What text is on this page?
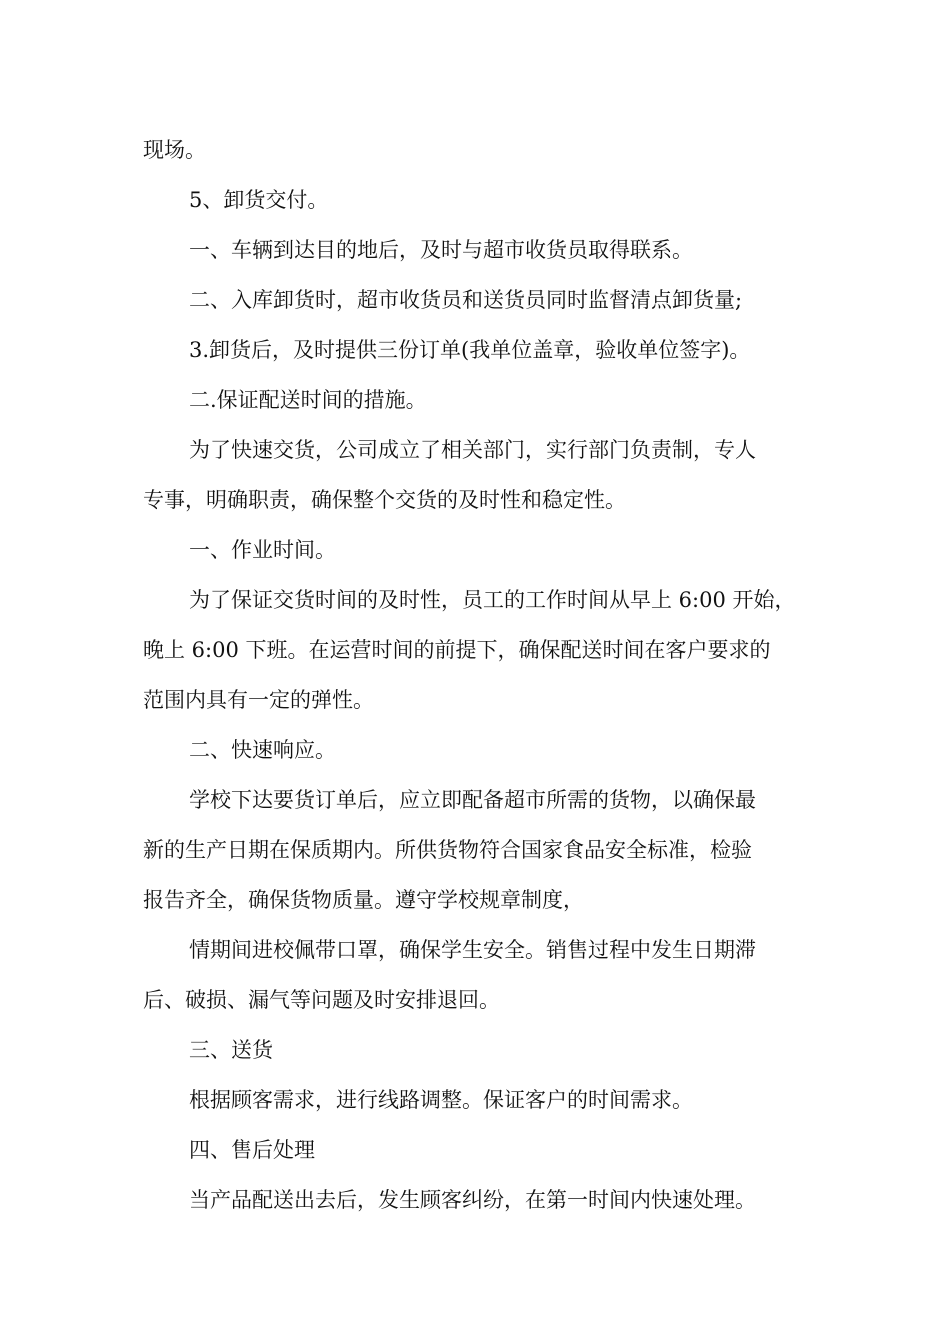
现场。

5、卸货交付。

一、车辆到达目的地后，及时与超市收货员取得联系。

二、入库卸货时，超市收货员和送货员同时监督清点卸货量;

3.卸货后，及时提供三份订单(我单位盖章，验收单位签字)。

二.保证配送时间的措施。

为了快速交货，公司成立了相关部门，实行部门负责制，专人

专事，明确职责，确保整个交货的及时性和稳定性。

一、作业时间。

为了保证交货时间的及时性，员工的工作时间从早上 6:00 开始，

晚上 6:00 下班。在运营时间的前提下，确保配送时间在客户要求的

范围内具有一定的弹性。

二、快速响应。

学校下达要货订单后，应立即配备超市所需的货物，以确保最

新的生产日期在保质期内。所供货物符合国家食品安全标准，检验

报告齐全，确保货物质量。遵守学校规章制度，

情期间进校佩带口罩，确保学生安全。销售过程中发生日期滞

后、破损、漏气等问题及时安排退回。

三、送货

根据顾客需求，进行线路调整。保证客户的时间需求。

四、售后处理

当产品配送出去后，发生顾客纠纷，在第一时间内快速处理。
